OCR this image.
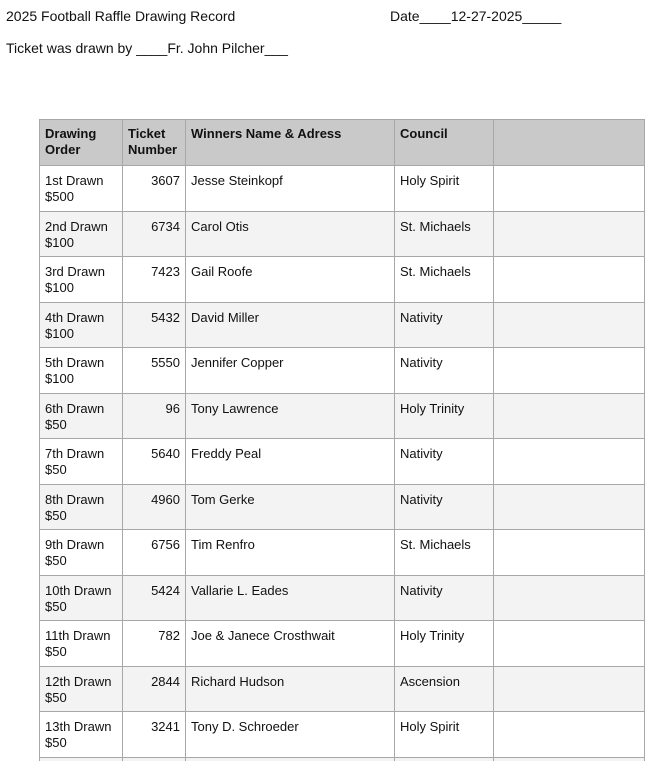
2025 Football Raffle Drawing Record	Date____12-27-2025_____
Ticket was drawn by ____Fr. John Pilcher___
Drawing
Order	Ticket
Number	Winners Name & Adress	Council	

1st Drawn
$500	3607	Jesse Steinkopf	Holy Spirit	

2nd Drawn
$100	6734	Carol Otis	St. Michaels	

3rd Drawn
$100	7423	Gail Roofe	St. Michaels	

4th Drawn
$100	5432	David Miller	Nativity	

5th Drawn
$100	5550	Jennifer Copper	Nativity	

6th Drawn
$50	96	Tony Lawrence	Holy Trinity	

7th Drawn
$50	5640	Freddy Peal	Nativity	

8th Drawn
$50	4960	Tom Gerke	Nativity	

9th Drawn
$50	6756	Tim Renfro	St. Michaels	

10th Drawn
$50	5424	Vallarie L. Eades	Nativity	

11th Drawn
$50	782	Joe & Janece Crosthwait	Holy Trinity	

12th Drawn
$50	2844	Richard Hudson	Ascension	

13th Drawn
$50	3241	Tony D. Schroeder	Holy Spirit	
